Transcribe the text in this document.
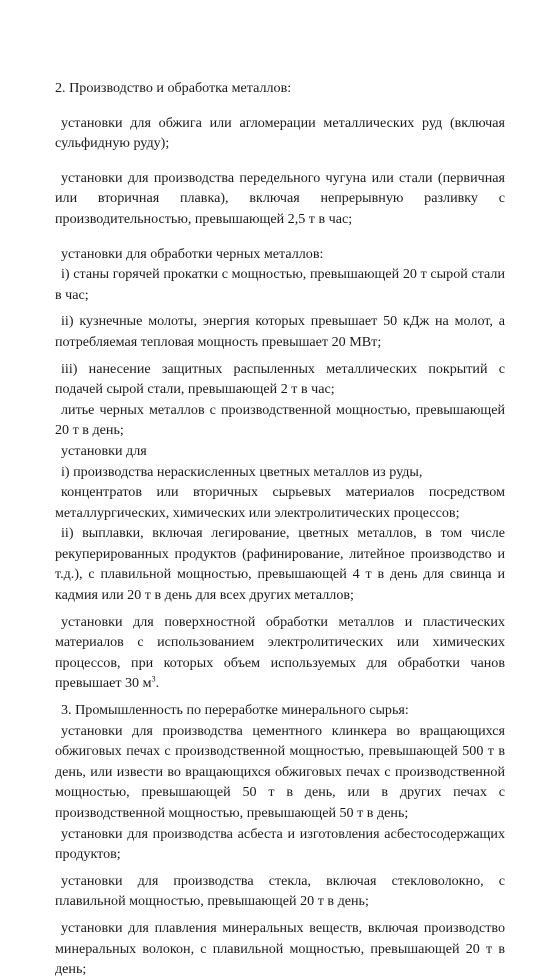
2. Производство и обработка металлов:

установки для обжига или агломерации металлических руд (включая сульфидную руду);

установки для производства передельного чугуна или стали (первичная или вторичная плавка), включая непрерывную разливку с производительностью, превышающей 2,5 т в час;

установки для обработки черных металлов:

i) станы горячей прокатки с мощностью, превышающей 20 т сырой стали в час;

ii) кузнечные молоты, энергия которых превышает 50 кДж на молот, а потребляемая тепловая мощность превышает 20 МВт;

iii) нанесение защитных распыленных металлических покрытий с подачей сырой стали, превышающей 2 т в час;

литье черных металлов с производственной мощностью, превышающей 20 т в день;

установки для

i) производства нераскисленных цветных металлов из руды,

концентратов или вторичных сырьевых материалов посредством металлургических, химических или электролитических процессов;

ii) выплавки, включая легирование, цветных металлов, в том числе рекуперированных продуктов (рафинирование, литейное производство и т.д.), с плавильной мощностью, превышающей 4 т в день для свинца и кадмия или 20 т в день для всех других металлов;

установки для поверхностной обработки металлов и пластических материалов с использованием электролитических или химических процессов, при которых объем используемых для обработки чанов превышает 30 $м^3$.

3. Промышленность по переработке минерального сырья:

установки для производства цементного клинкера во вращающихся обжиговых печах с производственной мощностью, превышающей 500 т в день, или извести во вращающихся обжиговых печах с производственной мощностью, превышающей 50 т в день, или в других печах с производственной мощностью, превышающей 50 т в день;

установки для производства асбеста и изготовления асбестосодержащих продуктов;

установки для производства стекла, включая стекловолокно, с плавильной мощностью, превышающей 20 т в день;

установки для плавления минеральных веществ, включая производство минеральных волокон, с плавильной мощностью, превышающей 20 т в день;
